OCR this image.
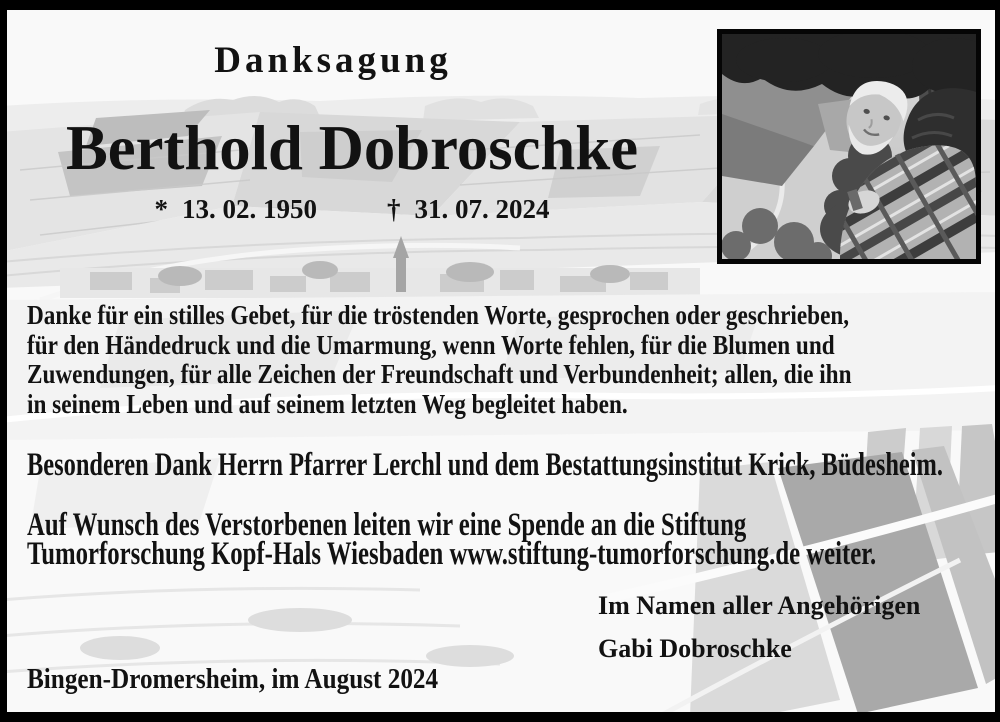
Danksagung
Berthold Dobroschke
* 13. 02. 1950	† 31. 07. 2024
Danke für ein stilles Gebet, für die tröstenden Worte, gesprochen oder geschrieben,
für den Händedruck und die Umarmung, wenn Worte fehlen, für die Blumen und
Zuwendungen, für alle Zeichen der Freundschaft und Verbundenheit; allen, die ihn
in seinem Leben und auf seinem letzten Weg begleitet haben.
Besonderen Dank Herrn Pfarrer Lerchl und dem Bestattungsinstitut Krick, Büdesheim.
Auf Wunsch des Verstorbenen leiten wir eine Spende an die Stiftung
Tumorforschung Kopf-Hals Wiesbaden www.stiftung-tumorforschung.de weiter.
Im Namen aller Angehörigen
Gabi Dobroschke
Bingen-Dromersheim, im August 2024
